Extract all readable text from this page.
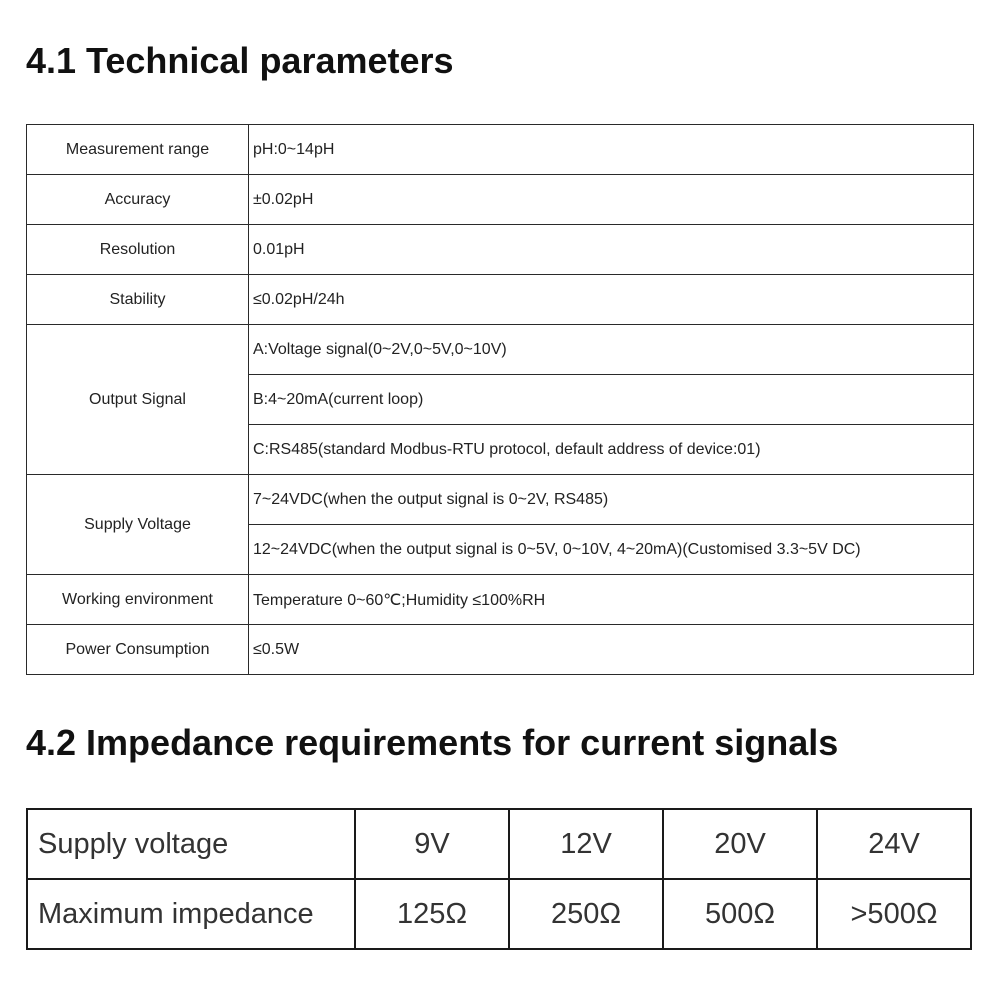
4.1 Technical parameters
Measurement range	pH:0~14pH
Accuracy	±0.02pH
Resolution	0.01pH
Stability	≤0.02pH/24h
Output Signal	A:Voltage signal(0~2V,0~5V,0~10V)
	B:4~20mA(current loop)
	C:RS485(standard Modbus-RTU protocol, default address of device:01)
Supply Voltage	7~24VDC(when the output signal is 0~2V, RS485)
	12~24VDC(when the output signal is 0~5V, 0~10V, 4~20mA)(Customised 3.3~5V DC)
Working environment	Temperature 0~60℃;Humidity ≤100%RH
Power Consumption	≤0.5W
4.2 Impedance requirements for current signals
Supply voltage	9V	12V	20V	24V
Maximum impedance	125Ω	250Ω	500Ω	>500Ω
